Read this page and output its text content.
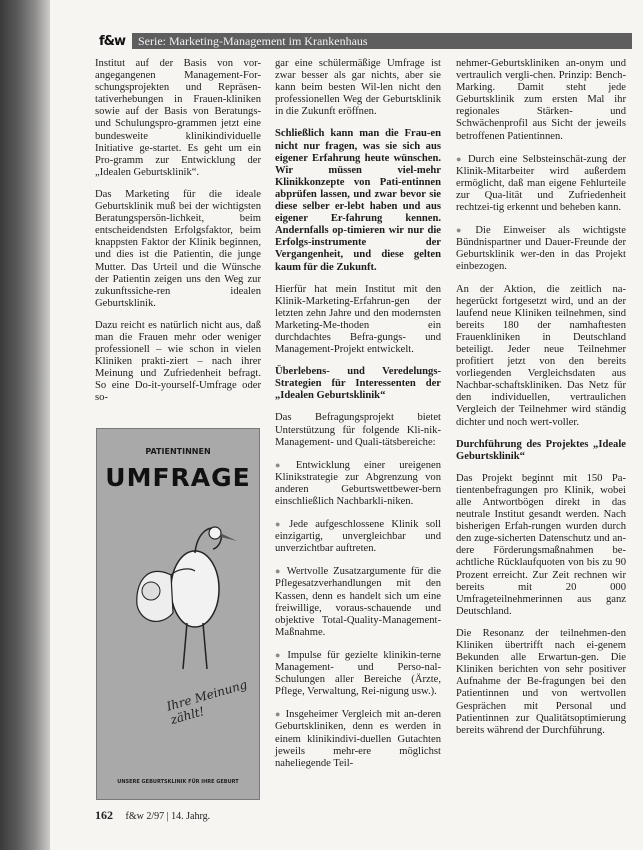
f&w	Serie: Marketing-Management im Krankenhaus

Institut auf der Basis von vor-angegangenen Management-For-schungsprojekten und Repräsen-tativerhebungen in Frauen-kliniken sowie auf der Basis von Beratungs- und Schulungspro-grammen jetzt eine bundesweite klinikindividuelle Initiative ge-startet. Es geht um ein Pro-gramm zur Entwicklung der „Idealen Geburtsklinik“.

Das Marketing für die ideale Geburtsklinik muß bei der wichtigsten Beratungspersön-lichkeit, beim entscheidendsten Erfolgsfaktor, beim knappsten Faktor der Klinik beginnen, und dies ist die Patientin, die junge Mutter. Das Urteil und die Wünsche der Patientin zeigen uns den Weg zur zukunftssiche-ren idealen Geburtsklinik.

Dazu reicht es natürlich nicht aus, daß man die Frauen mehr oder weniger professionell – wie schon in vielen Kliniken prakti-ziert – nach ihrer Meinung und Zufriedenheit befragt. So eine Do-it-yourself-Umfrage oder so-

PATIENTINNEN
UMFRAGE
Ihre Meinung zählt!
UNSERE GEBURTSKLINIK FÜR IHRE GEBURT

gar eine schülermäßige Umfrage ist zwar besser als gar nichts, aber sie kann beim besten Wil-len nicht den professionellen Weg der Geburtsklinik in die Zukunft eröffnen.

Schließlich kann man die Frau-en nicht nur fragen, was sie sich aus eigener Erfahrung heute wünschen. Wir müssen viel-mehr Klinikkonzepte von Pati-entinnen abprüfen lassen, und zwar bevor sie diese selber er-lebt haben und aus eigener Er-fahrung kennen. Andernfalls op-timieren wir nur die Erfolgs-instrumente der Vergangenheit, und diese gelten kaum für die Zukunft.

Hierfür hat mein Institut mit den Klinik-Marketing-Erfahrun-gen der letzten zehn Jahre und den modernsten Marketing-Me-thoden ein durchdachtes Befra-gungs- und Management-Projekt entwickelt.

Überlebens- und Veredelungs-Strategien für Interessenten der „Idealen Geburtsklinik“

Das Befragungsprojekt bietet Unterstützung für folgende Kli-nik-Management- und Quali-tätsbereiche:

● Entwicklung einer ureigenen Klinikstrategie zur Abgrenzung von anderen Geburtswettbewer-bern einschließlich Nachbarkli-niken.

● Jede aufgeschlossene Klinik soll einzigartig, unvergleichbar und unverzichtbar auftreten.

● Wertvolle Zusatzargumente für die Pflegesatzverhandlungen mit den Kassen, denn es handelt sich um eine freiwillige, voraus-schauende und objektive Total-Quality-Management-Maßnahme.

● Impulse für gezielte klinikin-terne Management- und Perso-nal-Schulungen aller Bereiche (Ärzte, Pflege, Verwaltung, Rei-nigung usw.).

● Insgeheimer Vergleich mit an-deren Geburtskliniken, denn es werden in einem klinikindivi-duellen Gutachten jeweils mehr-ere möglichst naheliegende Teil-

nehmer-Geburtskliniken an-onym und vertraulich vergli-chen. Prinzip: Bench-Marking. Damit steht jede Geburtsklinik zum ersten Mal ihr regionales Stärken- und Schwächenprofil aus Sicht der jeweils betroffenen Patientinnen.

● Durch eine Selbsteinschät-zung der Klinik-Mitarbeiter wird außerdem ermöglicht, daß man eigene Fehlurteile zur Qua-lität und Zufriedenheit rechtzei-tig erkennt und beheben kann.

● Die Einweiser als wichtigste Bündnispartner und Dauer-Freunde der Geburtsklinik wer-den in das Projekt einbezogen.

An der Aktion, die zeitlich na-hegerückt fortgesetzt wird, und an der laufend neue Kliniken teilnehmen, sind bereits 180 der namhaftesten Frauenkliniken in Deutschland beteiligt. Jeder neue Teilnehmer profitiert jetzt von den bereits vorliegenden Vergleichsdaten aus Nachbar-schaftskliniken. Das Netz für den individuellen, vertraulichen Vergleich der Teilnehmer wird ständig dichter und noch wert-voller.

Durchführung des Projektes „Ideale Geburtsklinik“

Das Projekt beginnt mit 150 Pa-tientenbefragungen pro Klinik, wobei alle Antwortbögen direkt in das neutrale Institut gesandt werden. Nach bisherigen Erfah-rungen wurden durch den zuge-sicherten Datenschutz und an-dere Förderungsmaßnahmen be-achtliche Rücklaufquoten von bis zu 90 Prozent erreicht. Zur Zeit rechnen wir bereits mit 20 000 Umfrageteilnehmerinnen aus ganz Deutschland.

Die Resonanz der teilnehmen-den Kliniken übertrifft nach ei-genem Bekunden alle Erwartun-gen. Die Kliniken berichten von sehr positiver Aufnahme der Be-fragungen bei den Patientinnen und von wertvollen Gesprächen mit Personal und Patientinnen zur Qualitätsoptimierung bereits während der Durchführung.

162 f&w 2/97 | 14. Jahrg.
